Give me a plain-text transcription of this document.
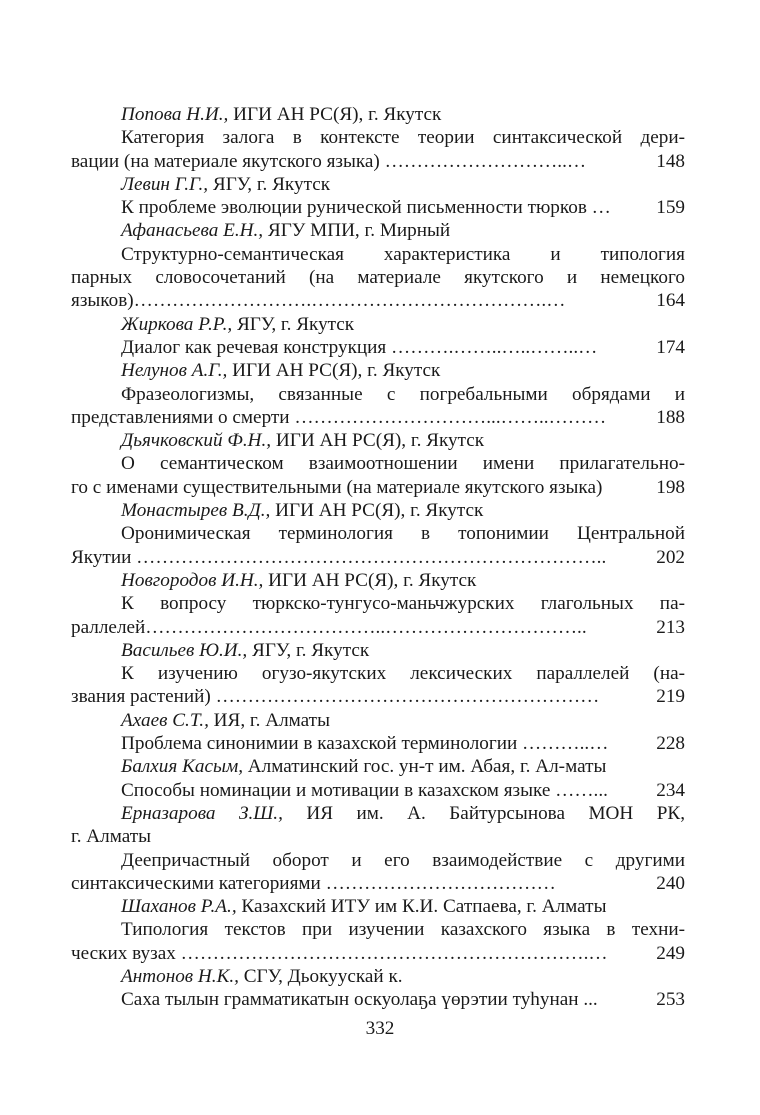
Попова Н.И., ИГИ АН РС(Я), г. Якутск
Категория залога в контексте теории синтаксической дери-
вации (на материале якутского языка) ………………………..…	148
Левин Г.Г., ЯГУ, г. Якутск
К проблеме эволюции рунической письменности тюрков … 159
Афанасьева Е.Н., ЯГУ МПИ, г. Мирный
Структурно-семантическая характеристика и типология
парных словосочетаний (на материале якутского и немецкого
языков)……………………….……………………………….…	164
Жиркова Р.Р., ЯГУ, г. Якутск
Диалог как речевая конструкция ……….……..…..……..…	174
Нелунов А.Г., ИГИ АН РС(Я), г. Якутск
Фразеологизмы, связанные с погребальными обрядами и
представлениями о смерти …………………………...……..………	188
Дьячковский Ф.Н., ИГИ АН РС(Я), г. Якутск
О семантическом взаимоотношении имени прилагательно-
го с именами существительными (на материале якутского языка)	198
Монастырев В.Д., ИГИ АН РС(Я), г. Якутск
Оронимическая терминология в топонимии Центральной
Якутии ………………………………………………………………..	202
Новгородов И.Н., ИГИ АН РС(Я), г. Якутск
К вопросу тюркско-тунгусо-маньчжурских глагольных па-
раллелей………………………………..…………………………..	213
Васильев Ю.И., ЯГУ, г. Якутск
К изучению огузо-якутских лексических параллелей (на-
звания растений) ……………………………………………………	219
Ахаев С.Т., ИЯ, г. Алматы
Проблема синонимии в казахской терминологии ………..… 228
Балхия Касым, Алматинский гос. ун-т им. Абая, г. Ал-маты
Способы номинации и мотивации в казахском языке ……...	234
Ерназарова З.Ш., ИЯ им. А. Байтурсынова МОН РК,
г. Алматы
Деепричастный оборот и его взаимодействие с другими
синтаксическими категориями ………………………………	240
Шаханов Р.А., Казахский ИТУ им К.И. Сатпаева, г. Алматы
Типология текстов при изучении казахского языка в техни-
ческих вузах ……………………………………………………….…	249
Антонов Н.К., СГУ, Дьокуускай к.
Саха тылын грамматикатын оскуолаҕа үөрэтии туһунан ...	253
332
